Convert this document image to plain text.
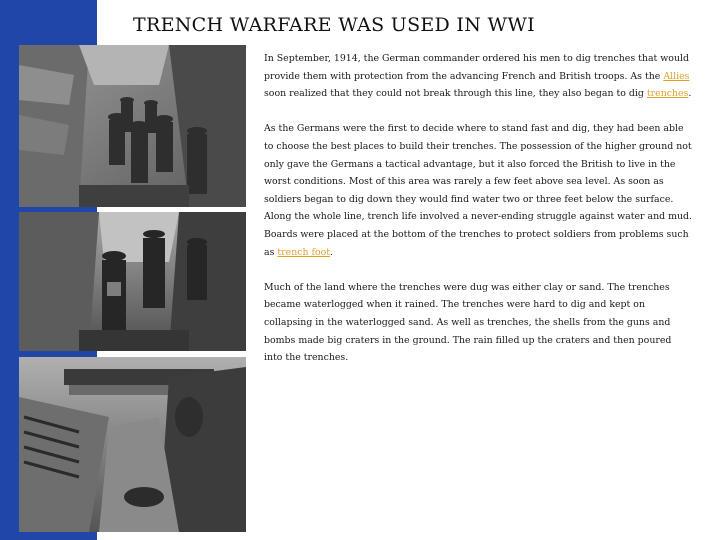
TRENCH WARFARE WAS USED IN WWI

In September, 1914, the German commander ordered his men to dig trenches that would provide them with protection from the advancing French and British troops. As the Allies soon realized that they could not break through this line, they also began to dig trenches.

As the Germans were the first to decide where to stand fast and dig, they had been able to choose the best places to build their trenches. The possession of the higher ground not only gave the Germans a tactical advantage, but it also forced the British to live in the worst conditions. Most of this area was rarely a few feet above sea level. As soon as soldiers began to dig down they would find water two or three feet below the surface. Along the whole line, trench life involved a never-ending struggle against water and mud. Boards were placed at the bottom of the trenches to protect soldiers from problems such as trench foot.

Much of the land where the trenches were dug was either clay or sand. The trenches became waterlogged when it rained. The trenches were hard to dig and kept on collapsing in the waterlogged sand. As well as trenches, the shells from the guns and bombs made big craters in the ground. The rain filled up the craters and then poured into the trenches.
